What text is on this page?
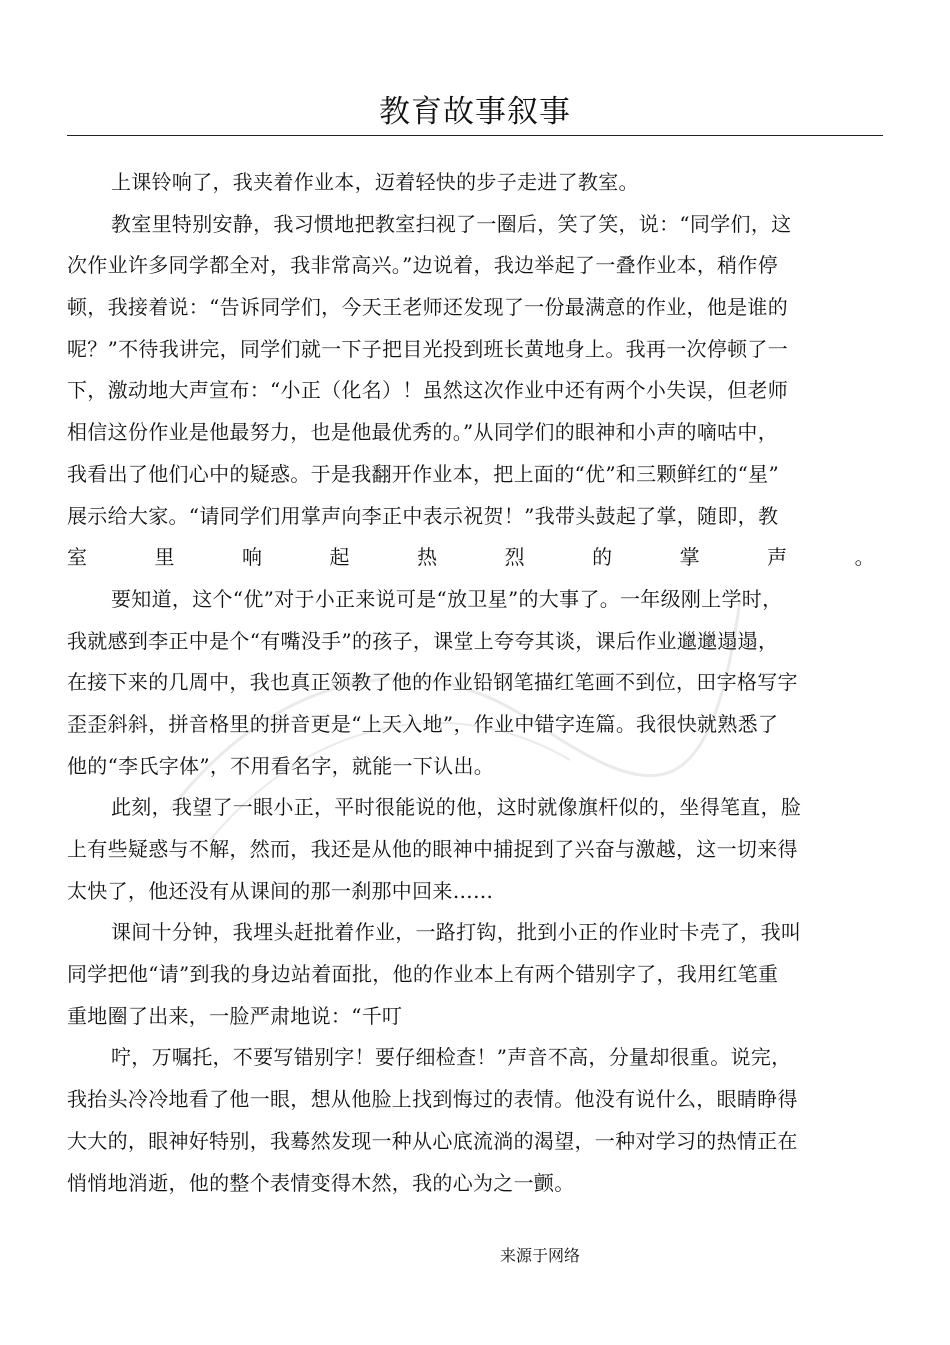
教育故事叙事
上课铃响了，我夹着作业本，迈着轻快的步子走进了教室。
教室里特别安静，我习惯地把教室扫视了一圈后，笑了笑，说：“同学们，这
次作业许多同学都全对，我非常高兴。”边说着，我边举起了一叠作业本，稍作停
顿，我接着说：“告诉同学们，今天王老师还发现了一份最满意的作业，他是谁的
呢？”不待我讲完，同学们就一下子把目光投到班长黄地身上。我再一次停顿了一
下，激动地大声宣布：“小正（化名）！虽然这次作业中还有两个小失误，但老师
相信这份作业是他最努力，也是他最优秀的。”从同学们的眼神和小声的嘀咕中，
我看出了他们心中的疑惑。于是我翻开作业本，把上面的“优”和三颗鲜红的“星”
展示给大家。“请同学们用掌声向李正中表示祝贺！”我带头鼓起了掌，随即，教
室	里	响	起	热	烈	的	掌	声	。
要知道，这个“优”对于小正来说可是“放卫星”的大事了。一年级刚上学时，
我就感到李正中是个“有嘴没手”的孩子，课堂上夸夸其谈，课后作业邋邋遢遢，
在接下来的几周中，我也真正领教了他的作业铅钢笔描红笔画不到位，田字格写字
歪歪斜斜，拼音格里的拼音更是“上天入地”，作业中错字连篇。我很快就熟悉了
他的“李氏字体”，不用看名字，就能一下认出。
此刻，我望了一眼小正，平时很能说的他，这时就像旗杆似的，坐得笔直，脸
上有些疑惑与不解，然而，我还是从他的眼神中捕捉到了兴奋与激越，这一切来得
太快了，他还没有从课间的那一刹那中回来……
课间十分钟，我埋头赶批着作业，一路打钩，批到小正的作业时卡壳了，我叫
同学把他“请”到我的身边站着面批，他的作业本上有两个错别字了，我用红笔重
重地圈了出来，一脸严肃地说：“千叮
咛，万嘱托，不要写错别字！要仔细检查！”声音不高，分量却很重。说完，
我抬头冷冷地看了他一眼，想从他脸上找到悔过的表情。他没有说什么，眼睛睁得
大大的，眼神好特别，我蓦然发现一种从心底流淌的渴望，一种对学习的热情正在
悄悄地消逝，他的整个表情变得木然，我的心为之一颤。
来源于网络
